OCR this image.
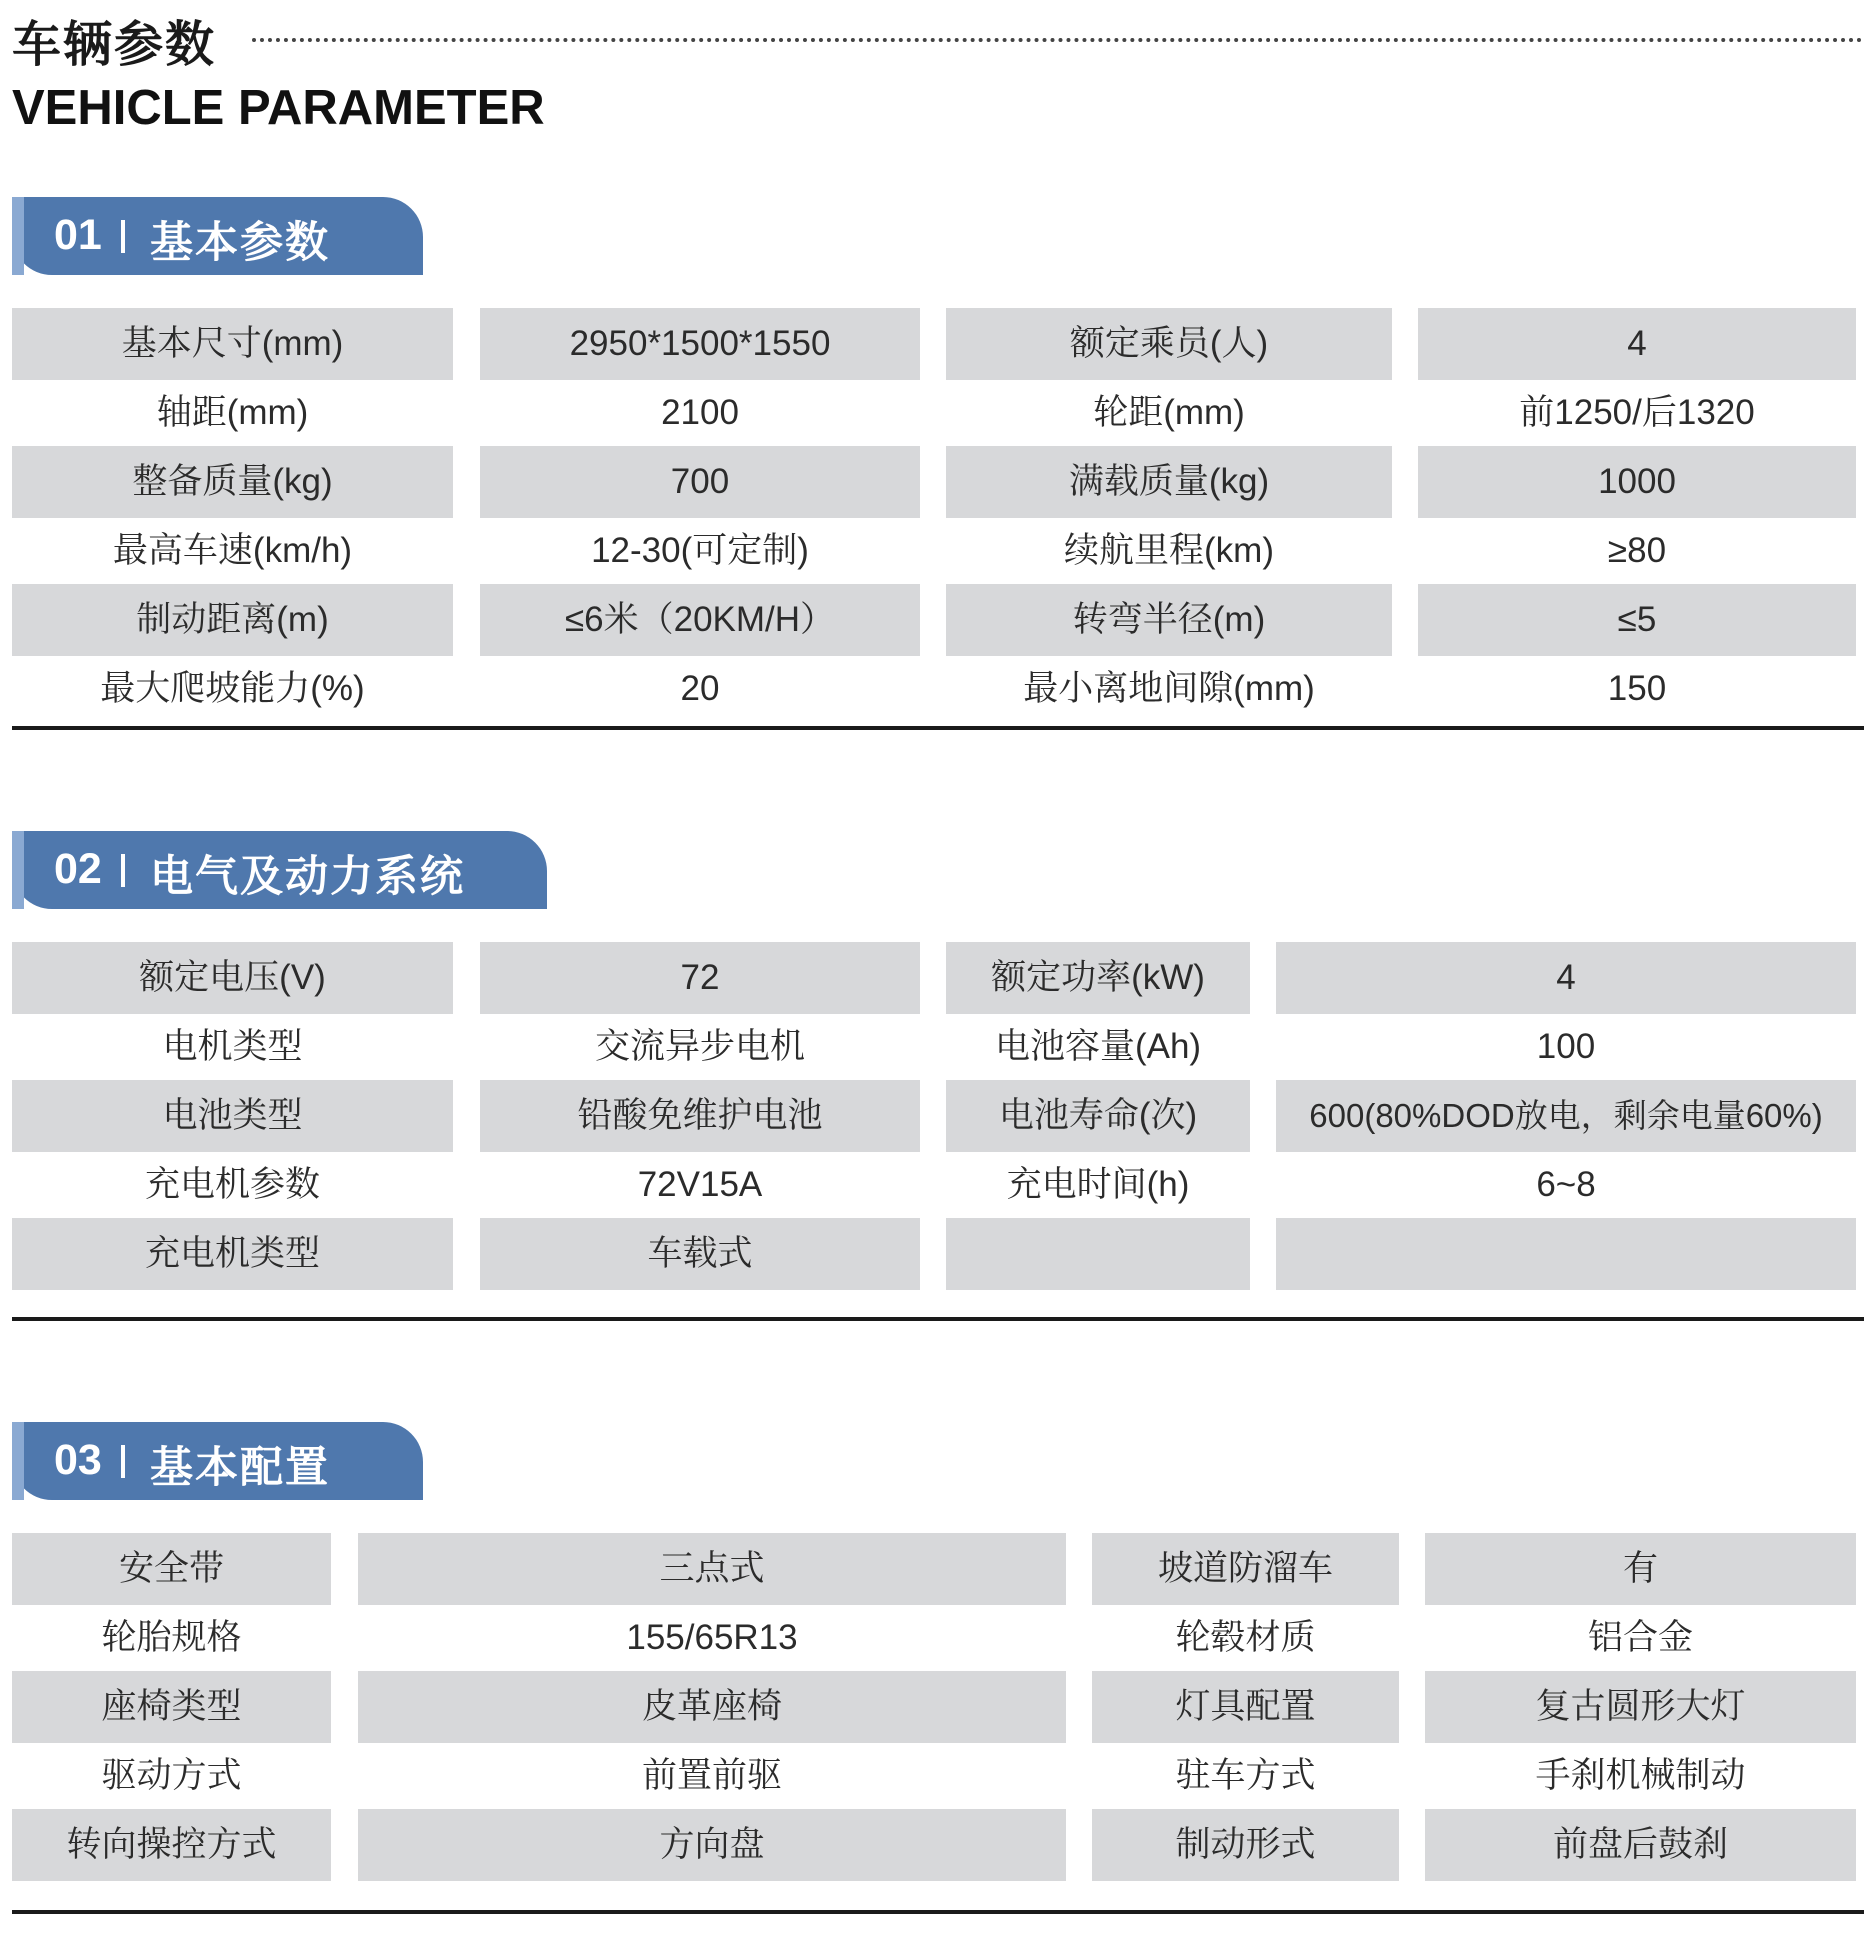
车辆参数
VEHICLE PARAMETER
01 基本参数
基本尺寸(mm)	2950*1500*1550	额定乘员(人)	4
轴距(mm)	2100	轮距(mm)	前1250/后1320
整备质量(kg)	700	满载质量(kg)	1000
最高车速(km/h)	12-30(可定制)	续航里程(km)	≥80
制动距离(m)	≤6米（20KM/H）	转弯半径(m)	≤5
最大爬坡能力(%)	20	最小离地间隙(mm)	150
02 电气及动力系统
额定电压(V)	72	额定功率(kW)	4
电机类型	交流异步电机	电池容量(Ah)	100
电池类型	铅酸免维护电池	电池寿命(次)	600(80%DOD放电，剩余电量60%)
充电机参数	72V15A	充电时间(h)	6~8
充电机类型	车载式
03 基本配置
安全带	三点式	坡道防溜车	有
轮胎规格	155/65R13	轮毂材质	铝合金
座椅类型	皮革座椅	灯具配置	复古圆形大灯
驱动方式	前置前驱	驻车方式	手刹机械制动
转向操控方式	方向盘	制动形式	前盘后鼓刹
